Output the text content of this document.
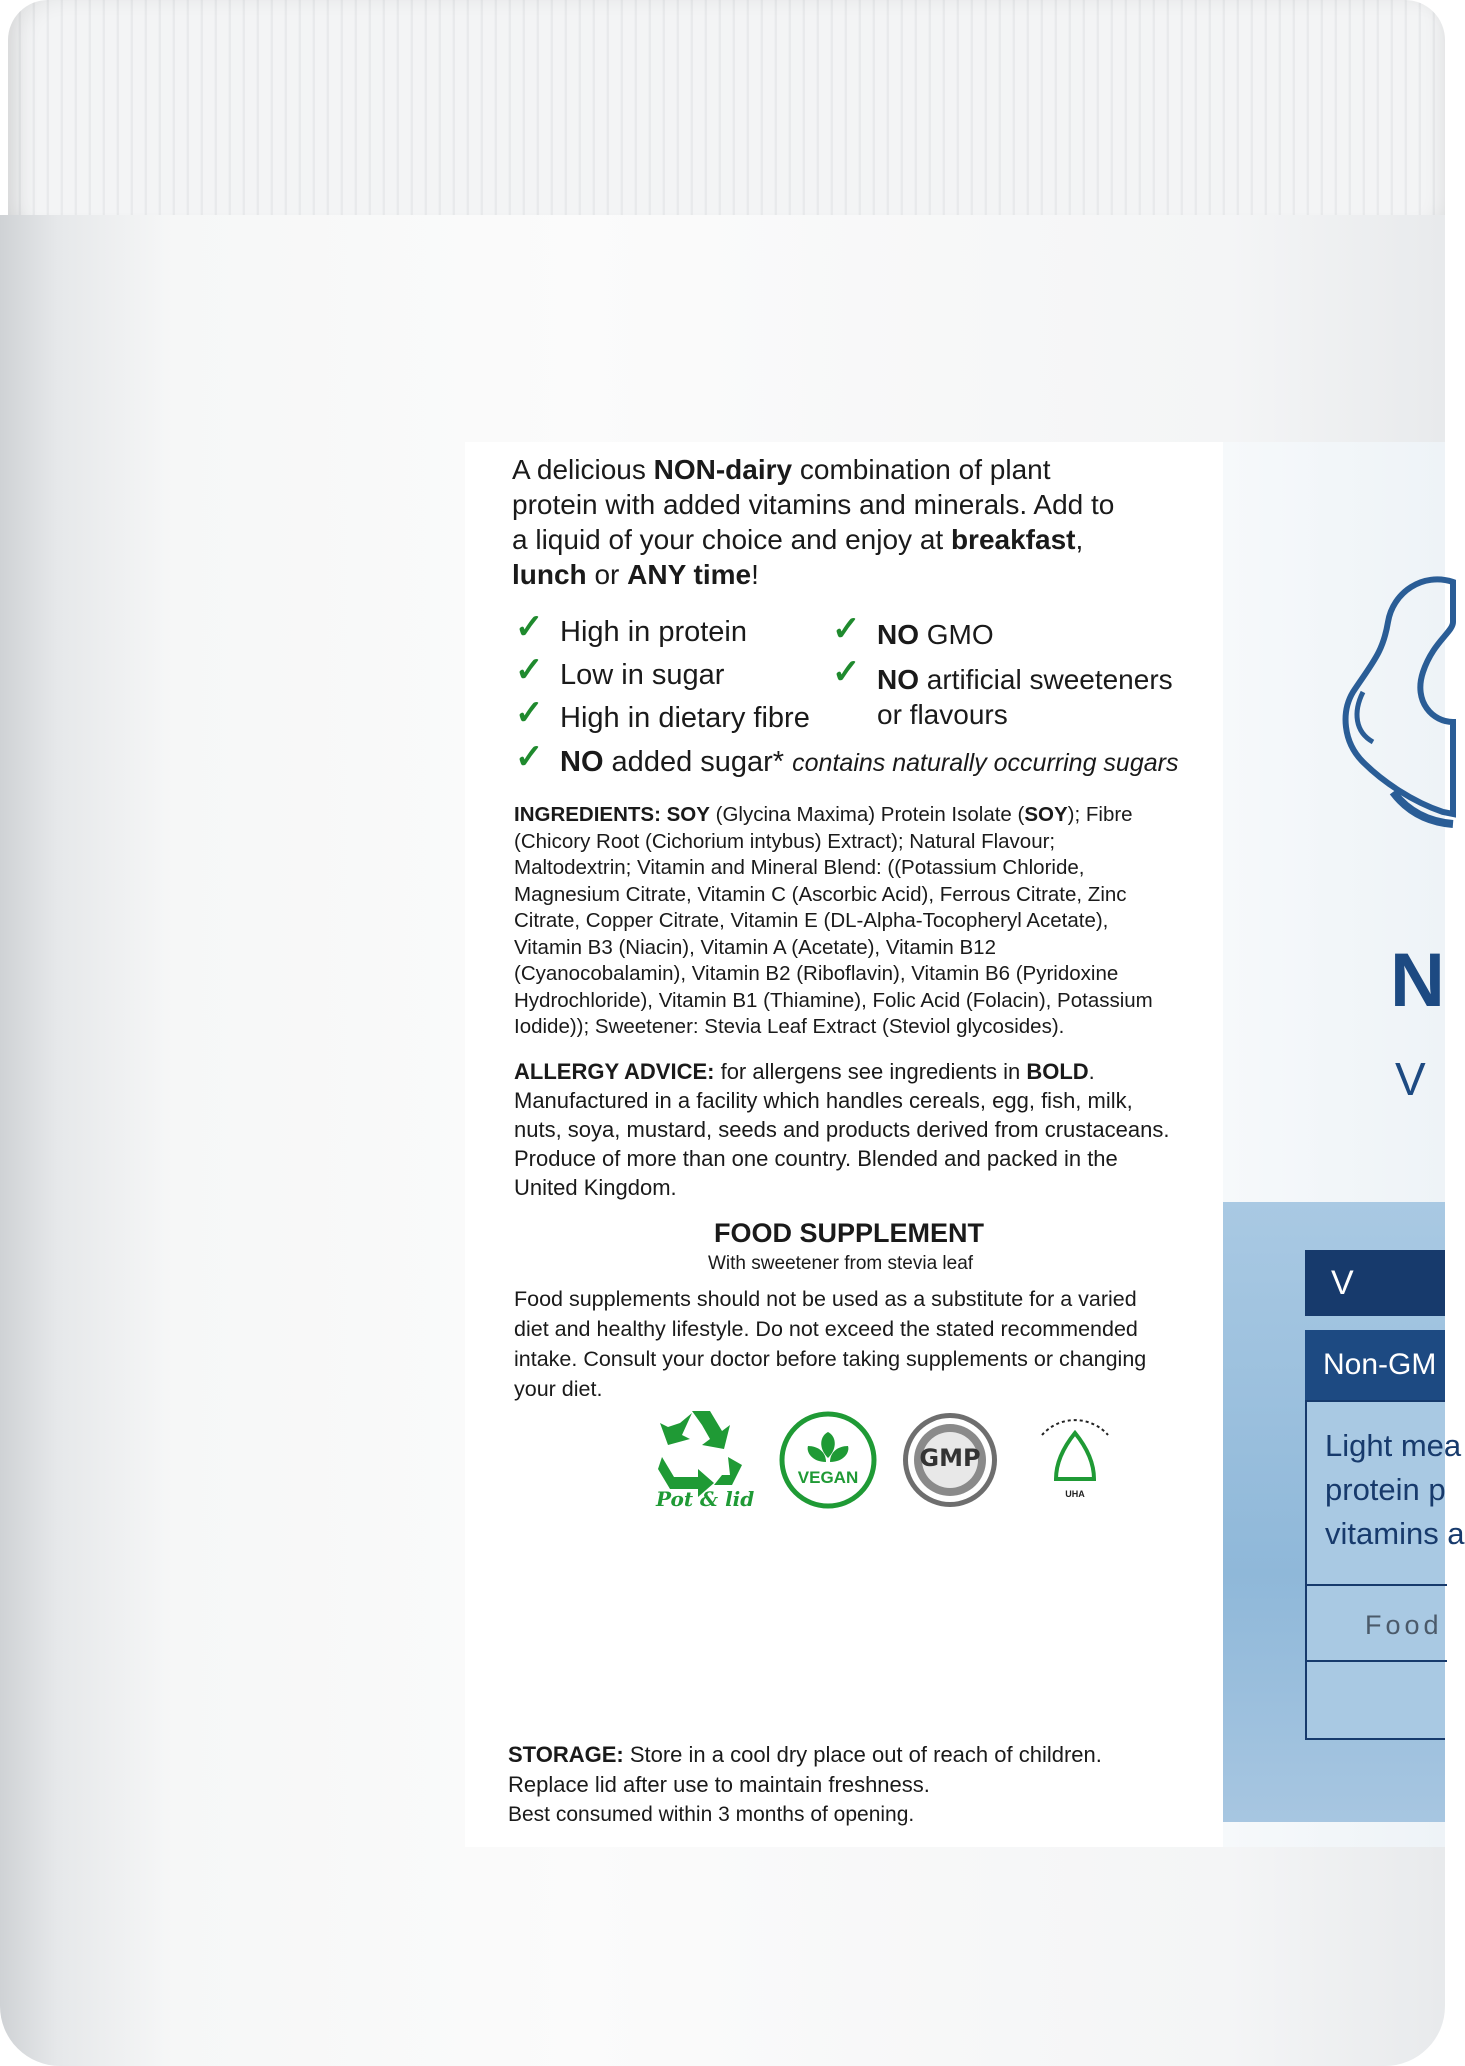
A delicious NON-dairy combination of plant
protein with added vitamins and minerals. Add to
a liquid of your choice and enjoy at breakfast,
lunch or ANY time!
✓ High in protein
✓ Low in sugar
✓ High in dietary fibre
✓ NO added sugar* contains naturally occurring sugars
✓ NO GMO
✓ NO artificial sweeteners
or flavours
INGREDIENTS: SOY (Glycina Maxima) Protein Isolate (SOY); Fibre
(Chicory Root (Cichorium intybus) Extract); Natural Flavour;
Maltodextrin; Vitamin and Mineral Blend: ((Potassium Chloride,
Magnesium Citrate, Vitamin C (Ascorbic Acid), Ferrous Citrate, Zinc
Citrate, Copper Citrate, Vitamin E (DL-Alpha-Tocopheryl Acetate),
Vitamin B3 (Niacin), Vitamin A (Acetate), Vitamin B12
(Cyanocobalamin), Vitamin B2 (Riboflavin), Vitamin B6 (Pyridoxine
Hydrochloride), Vitamin B1 (Thiamine), Folic Acid (Folacin), Potassium
Iodide)); Sweetener: Stevia Leaf Extract (Steviol glycosides).
ALLERGY ADVICE: for allergens see ingredients in BOLD.
Manufactured in a facility which handles cereals, egg, fish, milk,
nuts, soya, mustard, seeds and products derived from crustaceans.
Produce of more than one country. Blended and packed in the
United Kingdom.
FOOD SUPPLEMENT
With sweetener from stevia leaf
Food supplements should not be used as a substitute for a varied
diet and healthy lifestyle. Do not exceed the stated recommended
intake. Consult your doctor before taking supplements or changing
your diet.
Pot & lid
VEGAN
GMP
UHA
STORAGE: Store in a cool dry place out of reach of children.
Replace lid after use to maintain freshness.
Best consumed within 3 months of opening.
N
V
V
Non-GM s
Light mea
protein p
vitamins a
Food
